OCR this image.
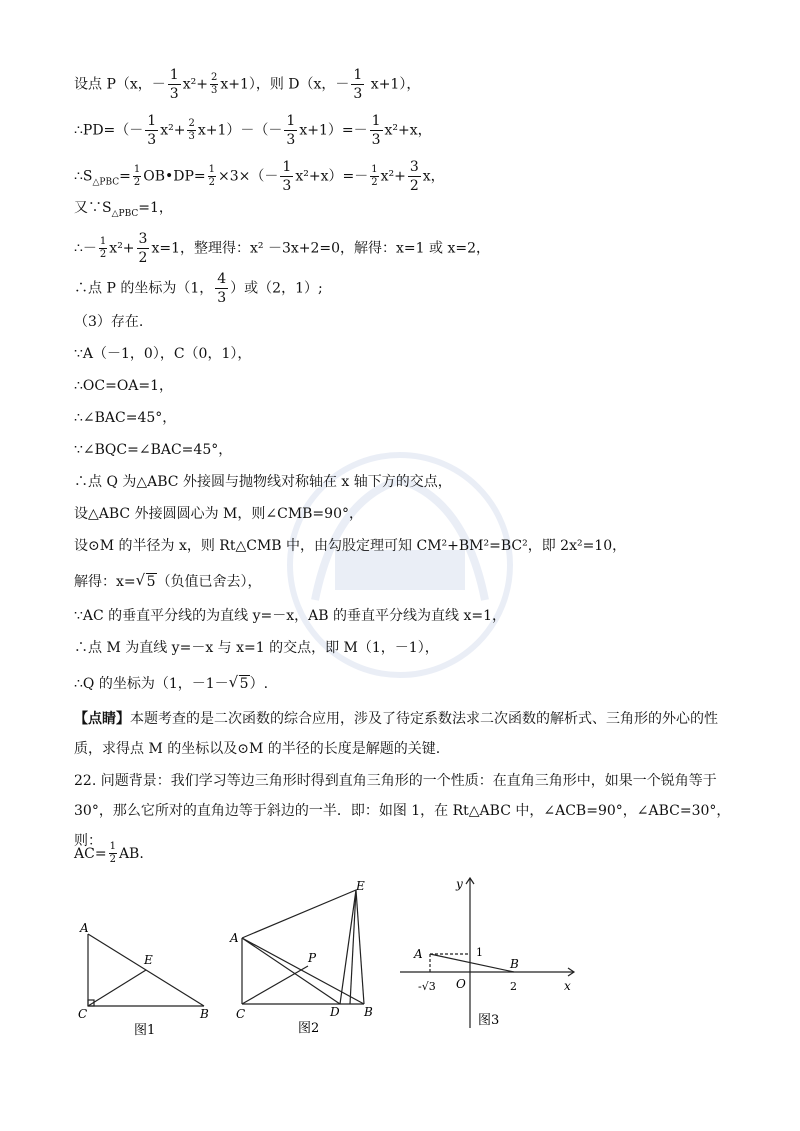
设点 P（x，－ $\frac{1}{3} x^2+ \frac{2}{3} x+1$），则 D（x，－ $\frac{1}{3} x+1$），
∴PD=（－ $\frac{1}{3} x^2+ \frac{2}{3} x+1)-(- \frac{1}{3} x+1)=- \frac{1}{3} x^2+x$，
$\therefore S_{\triangle PBC}= \frac{1}{2}$ OB•DP= $\frac{1}{2} \times 3\times(- \frac{1}{3} x^2+x)=- \frac{1}{2} x^2+ \frac{3}{2}$ x，
又$\because S_{\triangle PBC}=1$，
∴－ $\frac{1}{2} x^2+ \frac{3}{2} x=1$，整理得：x² －3x+2=0，解得：x=1 或 x=2，
∴点 P 的坐标为（1， $\frac{4}{3}$ ）或（2，1）;
（3）存在.
∵A（－1，0），C（0，1），
∴OC=OA=1，
∴∠BAC=45°，
∵∠BQC=∠BAC=45°，
∴点 Q 为△ABC 外接圆与抛物线对称轴在 x 轴下方的交点，
设△ABC 外接圆圆心为 M，则∠CMB=90°，
设⊙M 的半径为 x，则 Rt△CMB 中，由勾股定理可知 CM²+BM²=BC²，即 2x²=10，
解得：x= √ 5（负值已舍去），
∵AC 的垂直平分线的为直线 y=－x，AB 的垂直平分线为直线 x=1，
∴点 M 为直线 y=－x 与 x=1 的交点，即 M（1，－1），
∴Q 的坐标为（1，－1－ √ 5）.
【点睛】本题考查的是二次函数的综合应用，涉及了待定系数法求二次函数的解析式、三角形的外心的性质，求得点 M 的坐标以及⊙M 的半径的长度是解题的关键.
22. 问题背景：我们学习等边三角形时得到直角三角形的一个性质：在直角三角形中，如果一个锐角等于 30°，那么它所对的直角边等于斜边的一半．即：如图 1，在 Rt△ABC 中，∠ACB=90°，∠ABC=30°，则：
$AC= \frac{1}{2}$ AB.
A
E
C	B
图1
E
A
P
C	D B
图2
y
A	1
B
-√3 O	2	x
图3
